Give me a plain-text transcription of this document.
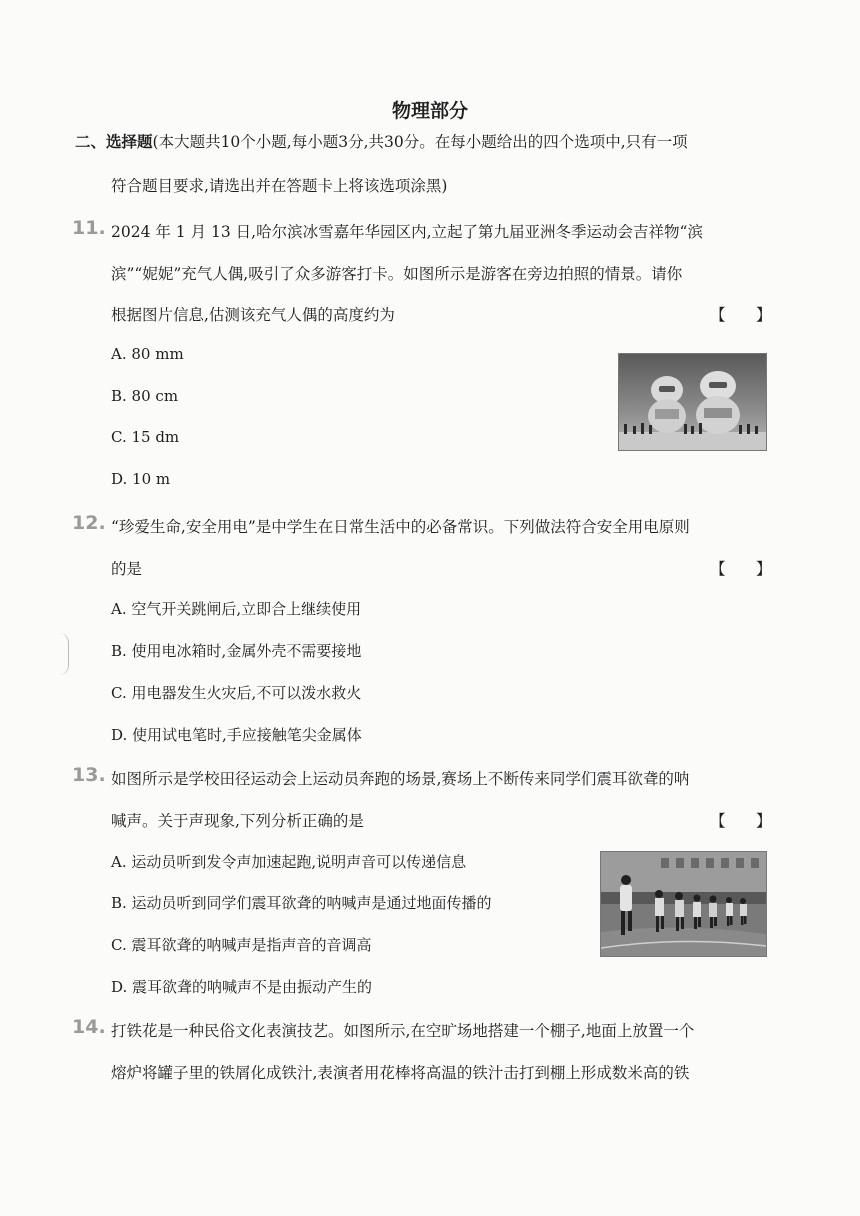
物理部分
二、选择题(本大题共10个小题,每小题3分,共30分。在每小题给出的四个选项中,只有一项
符合题目要求,请选出并在答题卡上将该选项涂黑)
11. 2024 年 1 月 13 日,哈尔滨冰雪嘉年华园区内,立起了第九届亚洲冬季运动会吉祥物“滨
滨”“妮妮”充气人偶,吸引了众多游客打卡。如图所示是游客在旁边拍照的情景。请你
根据图片信息,估测该充气人偶的高度约为	【 】
A. 80 mm
B. 80 cm
C. 15 dm
D. 10 m
12. “珍爱生命,安全用电”是中学生在日常生活中的必备常识。下列做法符合安全用电原则
的是	【 】
A. 空气开关跳闸后,立即合上继续使用
B. 使用电冰箱时,金属外壳不需要接地
C. 用电器发生火灾后,不可以泼水救火
D. 使用试电笔时,手应接触笔尖金属体
13. 如图所示是学校田径运动会上运动员奔跑的场景,赛场上不断传来同学们震耳欲聋的呐
喊声。关于声现象,下列分析正确的是	【 】
A. 运动员听到发令声加速起跑,说明声音可以传递信息
B. 运动员听到同学们震耳欲聋的呐喊声是通过地面传播的
C. 震耳欲聋的呐喊声是指声音的音调高
D. 震耳欲聋的呐喊声不是由振动产生的
14. 打铁花是一种民俗文化表演技艺。如图所示,在空旷场地搭建一个棚子,地面上放置一个
熔炉将罐子里的铁屑化成铁汁,表演者用花棒将高温的铁汁击打到棚上形成数米高的铁
